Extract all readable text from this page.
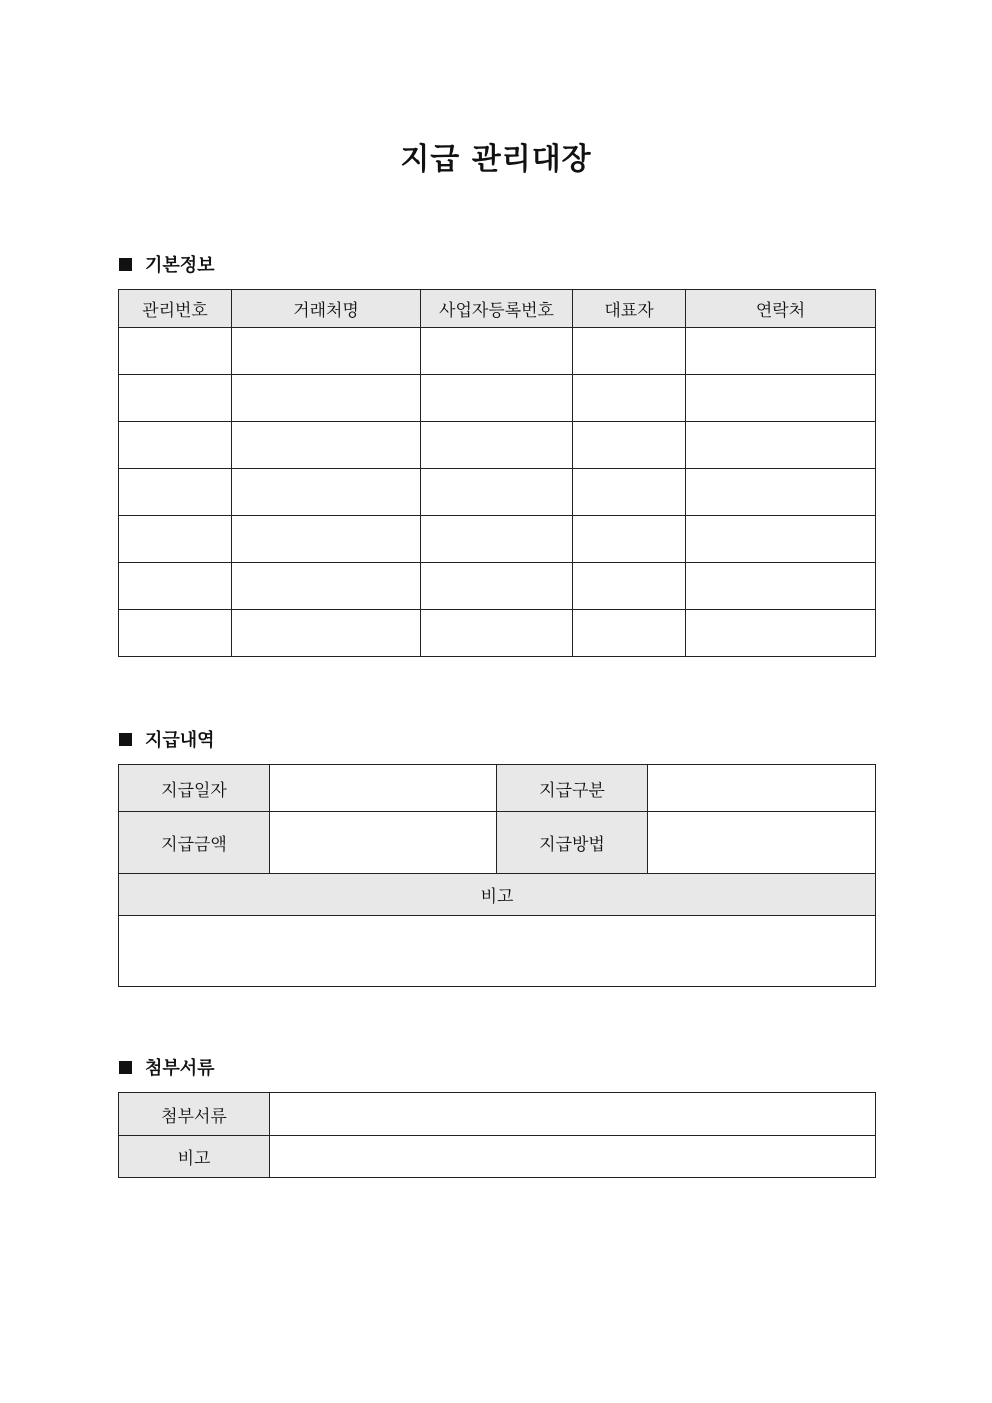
지급 관리대장
기본정보
관리번호	거래처명	사업자등록번호	대표자	연락처

지급내역
지급일자		지급구분	
지급금액		지급방법	
비고			

첨부서류
첨부서류	
비고	
